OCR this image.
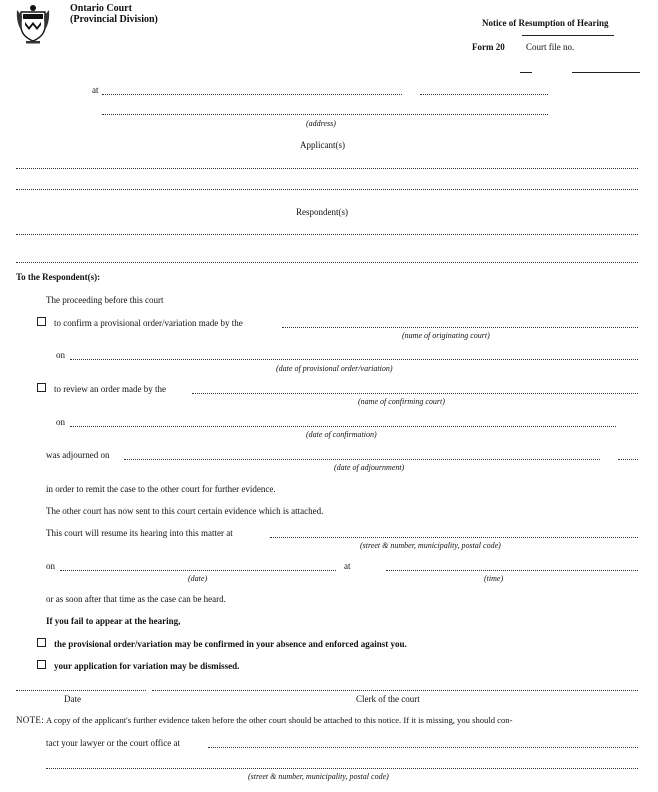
Ontario Court
(Provincial Division)	Notice of Resumption of Hearing
Form 20 Court file no.
at
(address)
Applicant(s)
Respondent(s)
To the Respondent(s):
The proceeding before this court
to confirm a provisional order/variation made by the
(name of originating court)
on
(date of provisional order/variation)
to review an order made by the
(name of confirming court)
on
(date of confirmation)
was adjourned on
(date of adjournment)
in order to remit the case to the other court for further evidence.
The other court has now sent to this court certain evidence which is attached.
This court will resume its hearing into this matter at
(street & number, municipality, postal code)
on	at
(date)	(time)
or as soon after that time as the case can be heard.
If you fail to appear at the hearing,
the provisional order/variation may be confirmed in your absence and enforced against you.
your application for variation may be dismissed.
Date	Clerk of the court
NOTE: A copy of the applicant's further evidence taken before the other court should be attached to this notice. If it is missing, you should con-
tact your lawyer or the court office at
(street & number, municipality, postal code)
